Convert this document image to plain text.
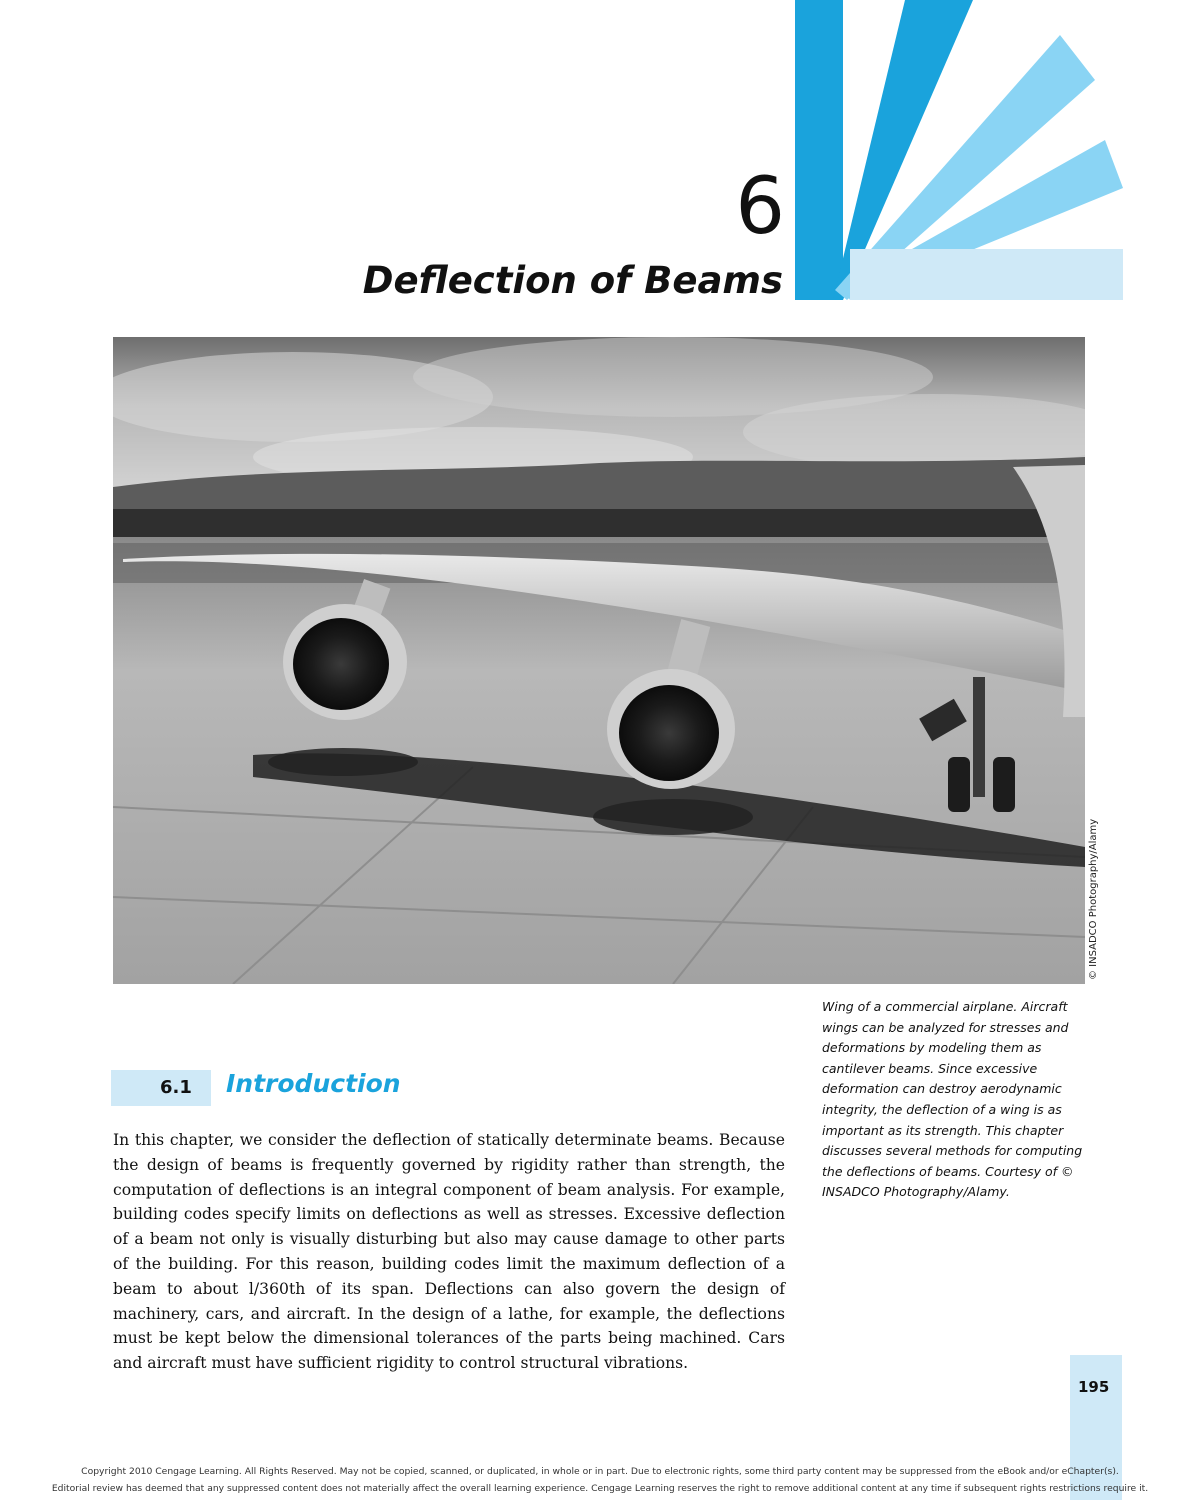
6
Deflection of Beams
© INSADCO Photography/Alamy
Wing of a commercial airplane. Aircraft wings can be analyzed for stresses and deformations by modeling them as cantilever beams. Since excessive deformation can destroy aerodynamic integrity, the deflection of a wing is as important as its strength. This chapter discusses several methods for computing the deflections of beams. Courtesy of © INSADCO Photography/Alamy.
6.1 Introduction
In this chapter, we consider the deflection of statically determinate beams. Because the design of beams is frequently governed by rigidity rather than strength, the computation of deflections is an integral component of beam analysis. For example, building codes specify limits on deflections as well as stresses. Excessive deflection of a beam not only is visually disturbing but also may cause damage to other parts of the building. For this reason, building codes limit the maximum deflection of a beam to about l/360th of its span. Deflections can also govern the design of machinery, cars, and aircraft. In the design of a lathe, for example, the deflections must be kept below the dimensional tolerances of the parts being machined. Cars and aircraft must have sufficient rigidity to control structural vibrations.
195
Copyright 2010 Cengage Learning. All Rights Reserved. May not be copied, scanned, or duplicated, in whole or in part. Due to electronic rights, some third party content may be suppressed from the eBook and/or eChapter(s).
Editorial review has deemed that any suppressed content does not materially affect the overall learning experience. Cengage Learning reserves the right to remove additional content at any time if subsequent rights restrictions require it.
